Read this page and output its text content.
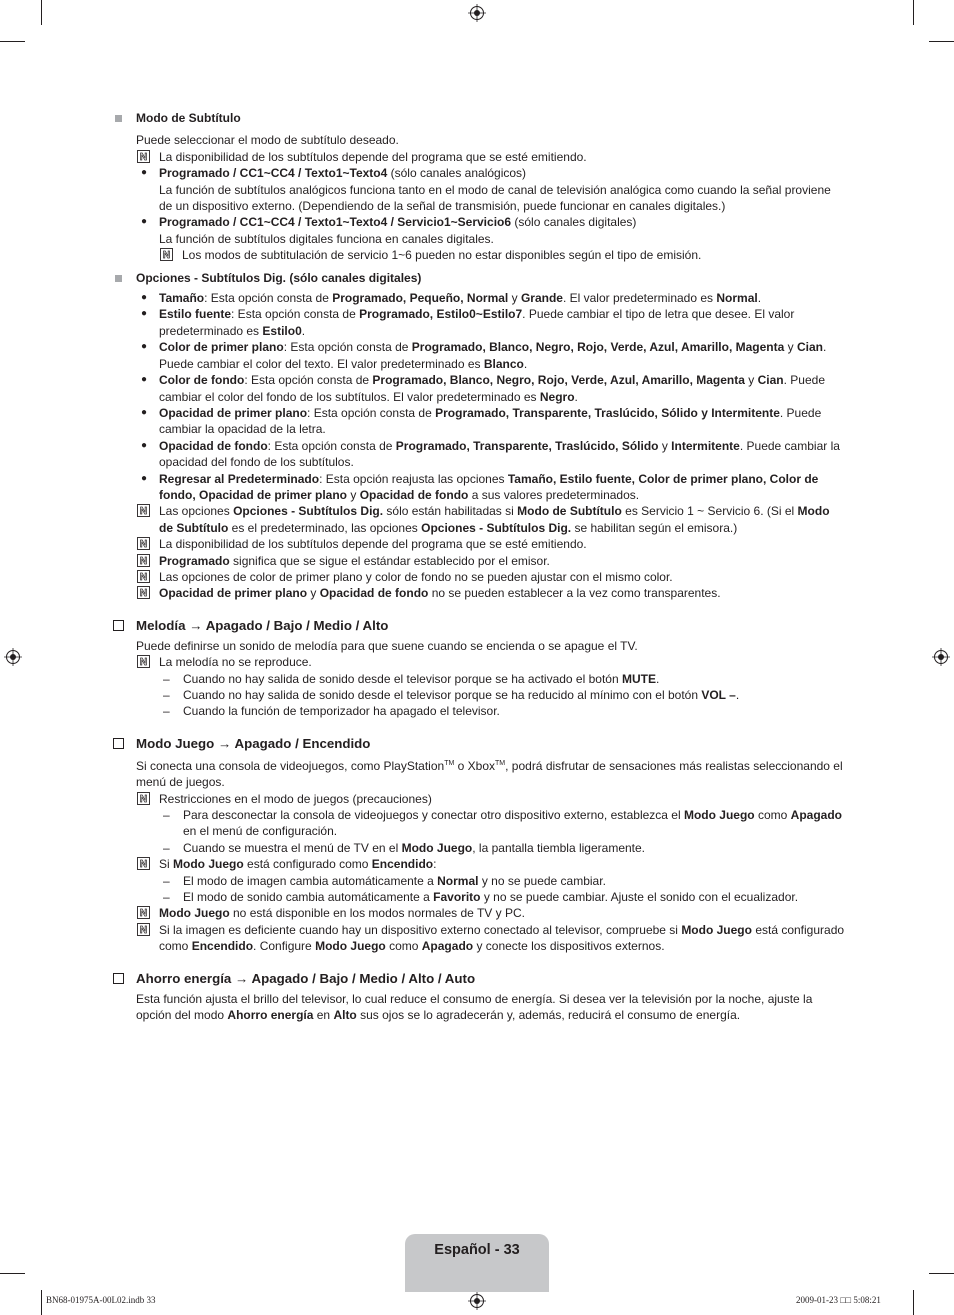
Modo de Subtítulo
Puede seleccionar el modo de subtítulo deseado.
N La disponibilidad de los subtítulos depende del programa que se esté emitiendo.
● Programado / CC1~CC4 / Texto1~Texto4 (sólo canales analógicos)
La función de subtítulos analógicos funciona tanto en el modo de canal de televisión analógica como cuando la señal proviene de un dispositivo externo. (Dependiendo de la señal de transmisión, puede funcionar en canales digitales.)
● Programado / CC1~CC4 / Texto1~Texto4 / Servicio1~Servicio6 (sólo canales digitales)
La función de subtítulos digitales funciona en canales digitales.
N Los modos de subtitulación de servicio 1~6 pueden no estar disponibles según el tipo de emisión.
Opciones - Subtítulos Dig. (sólo canales digitales)
● Tamaño: Esta opción consta de Programado, Pequeño, Normal y Grande. El valor predeterminado es Normal.
● Estilo fuente: Esta opción consta de Programado, Estilo0~Estilo7. Puede cambiar el tipo de letra que desee. El valor predeterminado es Estilo0.
● Color de primer plano: Esta opción consta de Programado, Blanco, Negro, Rojo, Verde, Azul, Amarillo, Magenta y Cian. Puede cambiar el color del texto. El valor predeterminado es Blanco.
● Color de fondo: Esta opción consta de Programado, Blanco, Negro, Rojo, Verde, Azul, Amarillo, Magenta y Cian. Puede cambiar el color del fondo de los subtítulos. El valor predeterminado es Negro.
● Opacidad de primer plano: Esta opción consta de Programado, Transparente, Traslúcido, Sólido y Intermitente. Puede cambiar la opacidad de la letra.
● Opacidad de fondo: Esta opción consta de Programado, Transparente, Traslúcido, Sólido y Intermitente. Puede cambiar la opacidad del fondo de los subtítulos.
● Regresar al Predeterminado: Esta opción reajusta las opciones Tamaño, Estilo fuente, Color de primer plano, Color de fondo, Opacidad de primer plano y Opacidad de fondo a sus valores predeterminados.
N Las opciones Opciones - Subtítulos Dig. sólo están habilitadas si Modo de Subtítulo es Servicio 1 ~ Servicio 6. (Si el Modo de Subtítulo es el predeterminado, las opciones Opciones - Subtítulos Dig. se habilitan según el emisora.)
N La disponibilidad de los subtítulos depende del programa que se esté emitiendo.
N Programado significa que se sigue el estándar establecido por el emisor.
N Las opciones de color de primer plano y color de fondo no se pueden ajustar con el mismo color.
N Opacidad de primer plano y Opacidad de fondo no se pueden establecer a la vez como transparentes.
Melodía → Apagado / Bajo / Medio / Alto
Puede definirse un sonido de melodía para que suene cuando se encienda o se apague el TV.
N La melodía no se reproduce.
– Cuando no hay salida de sonido desde el televisor porque se ha activado el botón MUTE.
– Cuando no hay salida de sonido desde el televisor porque se ha reducido al mínimo con el botón VOL –.
– Cuando la función de temporizador ha apagado el televisor.
Modo Juego → Apagado / Encendido
Si conecta una consola de videojuegos, como PlayStation™ o Xbox™, podrá disfrutar de sensaciones más realistas seleccionando el menú de juegos.
N Restricciones en el modo de juegos (precauciones)
– Para desconectar la consola de videojuegos y conectar otro dispositivo externo, establezca el Modo Juego como Apagado en el menú de configuración.
– Cuando se muestra el menú de TV en el Modo Juego, la pantalla tiembla ligeramente.
N Si Modo Juego está configurado como Encendido:
– El modo de imagen cambia automáticamente a Normal y no se puede cambiar.
– El modo de sonido cambia automáticamente a Favorito y no se puede cambiar. Ajuste el sonido con el ecualizador.
N Modo Juego no está disponible en los modos normales de TV y PC.
N Si la imagen es deficiente cuando hay un dispositivo externo conectado al televisor, compruebe si Modo Juego está configurado como Encendido. Configure Modo Juego como Apagado y conecte los dispositivos externos.
Ahorro energía → Apagado / Bajo / Medio / Alto / Auto
Esta función ajusta el brillo del televisor, lo cual reduce el consumo de energía. Si desea ver la televisión por la noche, ajuste la opción del modo Ahorro energía en Alto sus ojos se lo agradecerán y, además, reducirá el consumo de energía.
Español - 33
BN68-01975A-00L02.indb 33	2009-01-23 □□ 5:08:21
